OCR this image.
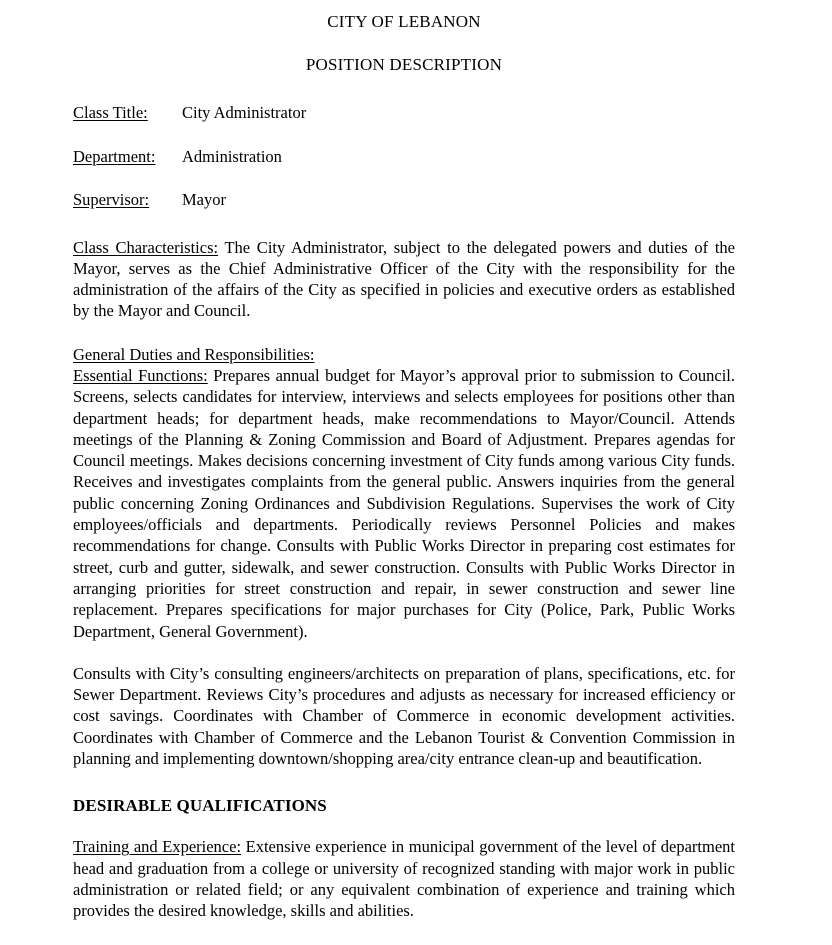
CITY OF LEBANON
POSITION DESCRIPTION
Class Title:	City Administrator
Department:	Administration
Supervisor:	Mayor

Class Characteristics: The City Administrator, subject to the delegated powers and duties of the Mayor, serves as the Chief Administrative Officer of the City with the responsibility for the administration of the affairs of the City as specified in policies and executive orders as established by the Mayor and Council.

General Duties and Responsibilities:

Essential Functions: Prepares annual budget for Mayor’s approval prior to submission to Council. Screens, selects candidates for interview, interviews and selects employees for positions other than department heads; for department heads, make recommendations to Mayor/Council. Attends meetings of the Planning & Zoning Commission and Board of Adjustment. Prepares agendas for Council meetings. Makes decisions concerning investment of City funds among various City funds. Receives and investigates complaints from the general public. Answers inquiries from the general public concerning Zoning Ordinances and Subdivision Regulations. Supervises the work of City employees/officials and departments. Periodically reviews Personnel Policies and makes recommendations for change. Consults with Public Works Director in preparing cost estimates for street, curb and gutter, sidewalk, and sewer construction. Consults with Public Works Director in arranging priorities for street construction and repair, in sewer construction and sewer line replacement. Prepares specifications for major purchases for City (Police, Park, Public Works Department, General Government).

Consults with City’s consulting engineers/architects on preparation of plans, specifications, etc. for Sewer Department. Reviews City’s procedures and adjusts as necessary for increased efficiency or cost savings. Coordinates with Chamber of Commerce in economic development activities. Coordinates with Chamber of Commerce and the Lebanon Tourist & Convention Commission in planning and implementing downtown/shopping area/city entrance clean-up and beautification.

DESIRABLE QUALIFICATIONS

Training and Experience: Extensive experience in municipal government of the level of department head and graduation from a college or university of recognized standing with major work in public administration or related field; or any equivalent combination of experience and training which provides the desired knowledge, skills and abilities.
